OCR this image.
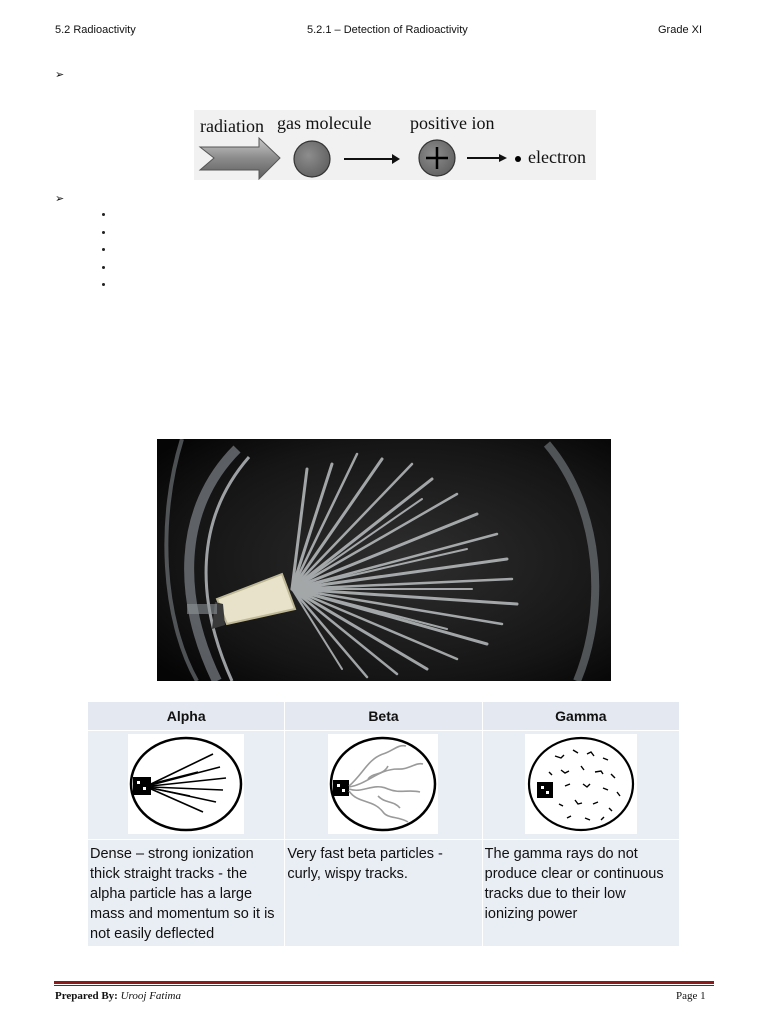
5.2 Radioactivity	5.2.1 – Detection of Radioactivity	Grade XI
➢
➢
radiation gas molecule positive ion
electron
Alpha	Beta	Gamma

Dense – strong ionization thick straight tracks - the alpha particle has a large mass and momentum so it is not easily deflected	Very fast beta particles - curly, wispy tracks.	The gamma rays do not produce clear or continuous tracks due to their low ionizing power
Prepared By: Urooj Fatima	Page 1
